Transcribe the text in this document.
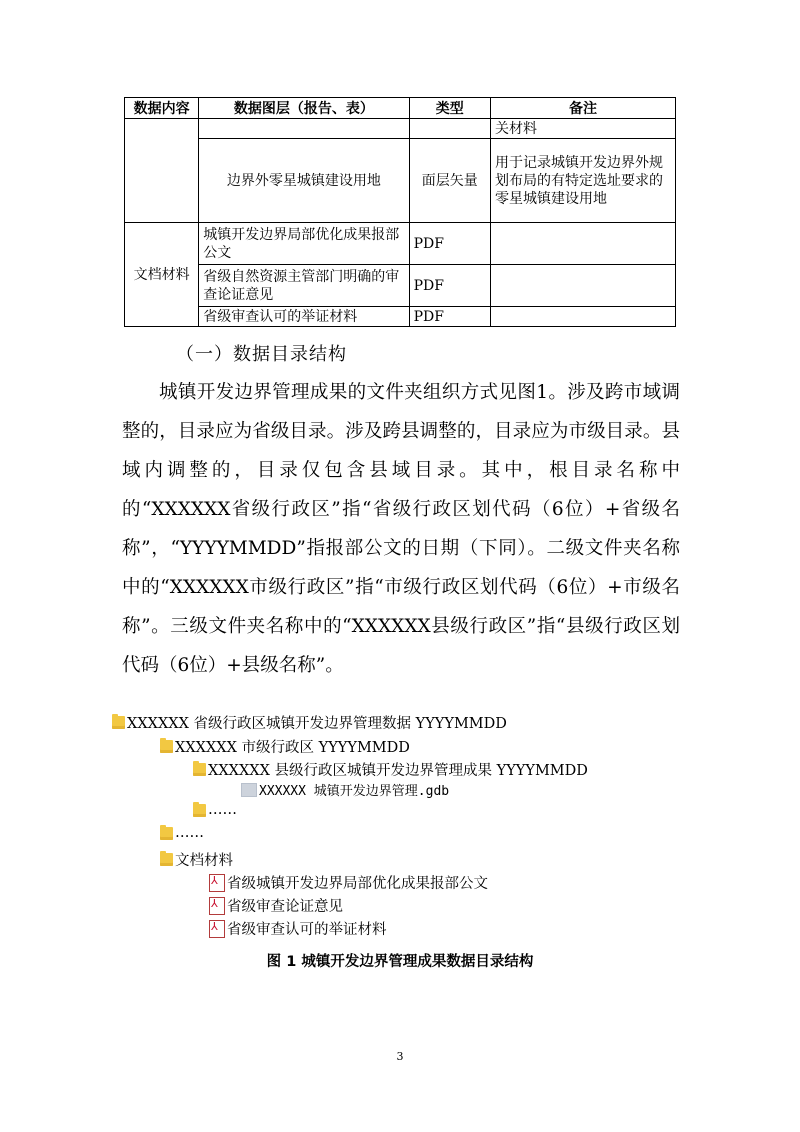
数据内容	数据图层（报告、表）	类型	备注
			关材料
	边界外零星城镇建设用地	面层矢量	用于记录城镇开发边界外规划布局的有特定选址要求的零星城镇建设用地
文档材料	城镇开发边界局部优化成果报部公文	PDF	
	省级自然资源主管部门明确的审查论证意见	PDF	
	省级审查认可的举证材料	PDF	
（一）数据目录结构

城镇开发边界管理成果的文件夹组织方式见图1。涉及跨市域调整的，目录应为省级目录。涉及跨县调整的，目录应为市级目录。县域内调整的，目录仅包含县域目录。其中，根目录名称中的“XXXXXX省级行政区”指“省级行政区划代码（6位）+省级名称”，“YYYYMMDD”指报部公文的日期（下同）。二级文件夹名称中的“XXXXXX市级行政区”指“市级行政区划代码（6位）+市级名称”。三级文件夹名称中的“XXXXXX县级行政区”指“县级行政区划代码（6位）+县级名称”。

XXXXXX 省级行政区城镇开发边界管理数据 YYYYMMDD
XXXXXX 市级行政区 YYYYMMDD
XXXXXX 县级行政区城镇开发边界管理成果 YYYYMMDD
XXXXXX 城镇开发边界管理.gdb
……
……
文档材料
⅄
省级城镇开发边界局部优化成果报部公文
⅄
省级审查论证意见
⅄
省级审查认可的举证材料
图 1 城镇开发边界管理成果数据目录结构
3
